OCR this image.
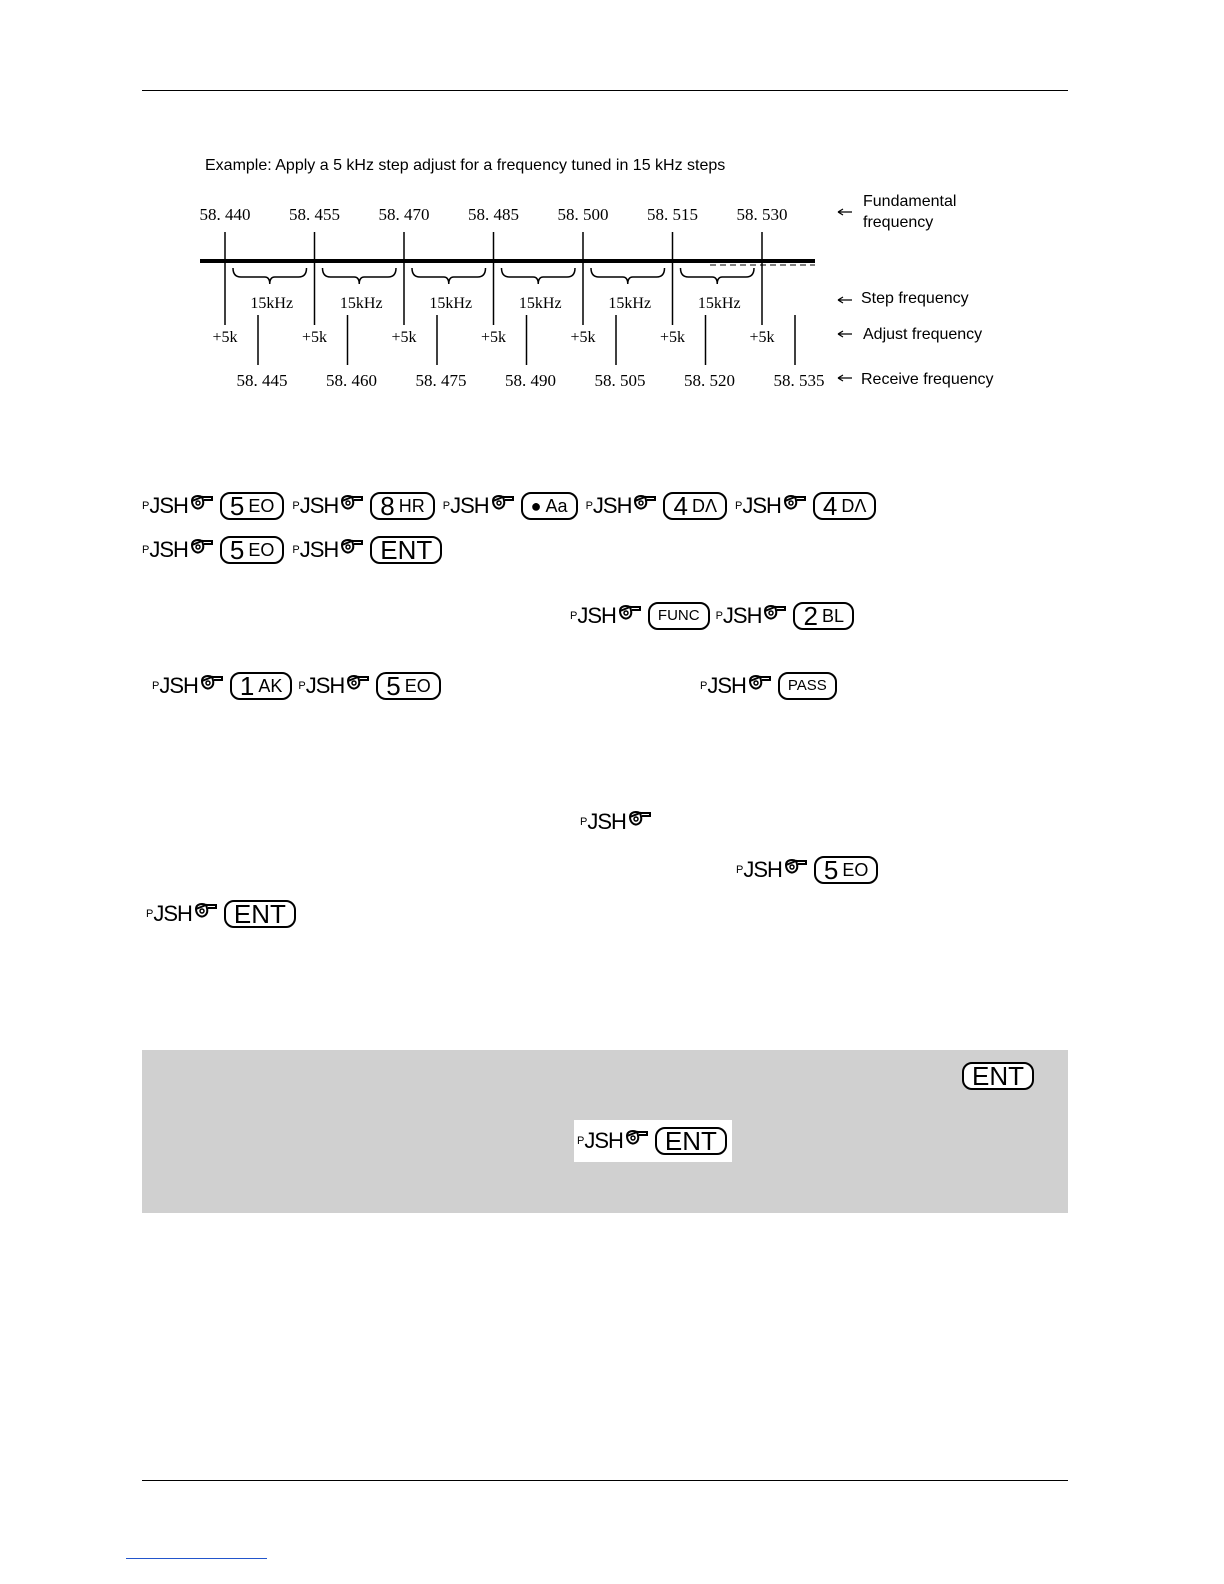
Example: Apply a 5 kHz step adjust for a frequency tuned in 15 kHz steps
58. 440
+5k
58. 455
+5k
58. 470
+5k
58. 485
+5k
58. 500
+5k
58. 515
+5k
58. 530
+5k
15kHz	15kHz	15kHz	15kHz	15kHz	15kHz
58. 445 58. 460 58. 475 58. 490 58. 505 58. 520 58. 535
Fundamental
frequency
Step frequency
Adjust frequency
Receive frequency
P JSH 5 EO P JSH 8 HR P JSH ● Aa P JSH 4 DΛ P JSH 4 DΛ
P JSH 5 EO P JSH	ENT
P JSH	FUNC	P JSH 2 BL
P JSH 1 AK P JSH 5 EO	P JSH	PASS
P JSH
P JSH 5 EO
P JSH	ENT
ENT
P JSH	ENT
